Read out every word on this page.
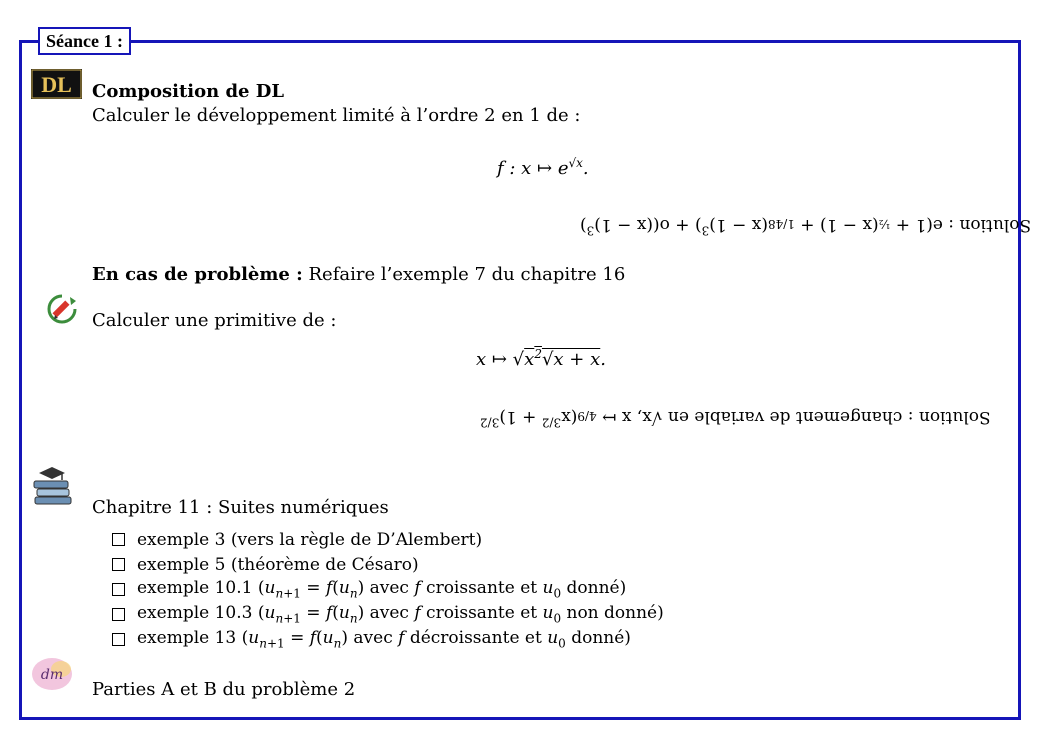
Séance 1 :
DL Composition de DL
Calculer le développement limité à l’ordre 2 en 1 de :
f : x ↦ $e^{√x}$.
Solution : e(1 + ½(x − $1) + 1/48(x - 1)^3) + o((x - 1)^3)$
En cas de problème : Refaire l’exemple 7 du chapitre 16
Calculer une primitive de :
x ↦ $√x^2√x + x$.
Solution : changement de variable en √x, x ↦ $4/9(x^{3/2} + 1)^{3/2}$
Chapitre 11 : Suites numériques
exemple 3 (vers la règle de D’Alembert)
exemple 5 (théorème de Césaro)
exemple 10.1 ($u_{n+1} = f(u_n)$ avec f croissante et $u_0$ donné)
exemple 10.3 ($u_{n+1} = f(u_n)$ avec f croissante et $u_0$ non donné)
exemple 13 ($u_{n+1} = f(u_n)$ avec f décroissante et $u_0$ donné)
dm
Parties A et B du problème 2
